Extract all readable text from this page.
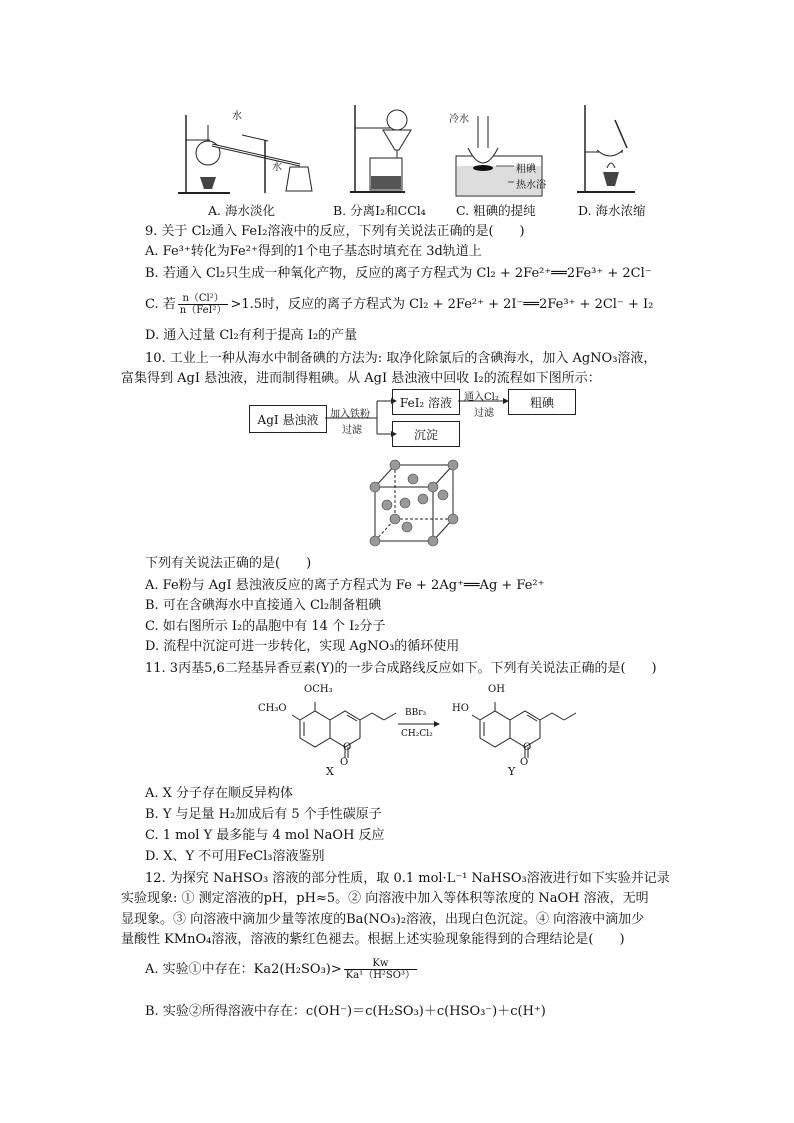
水
水
冷水
粗碘
热水浴
A. 海水淡化	B. 分离I₂和CCl₄ C. 粗碘的提纯	D. 海水浓缩
9. 关于 Cl₂通入 FeI₂溶液中的反应，下列有关说法正确的是(　　)
A. Fe³⁺转化为Fe²⁺得到的1个电子基态时填充在 3d轨道上
B. 若通入 Cl₂只生成一种氧化产物，反应的离子方程式为 Cl₂ + 2Fe²⁺══2Fe³⁺ + 2Cl⁻
C. 若 $\frac{\text{n（Cl²）}}{\text{n（FeI²）}} >1.5$时，反应的离子方程式为 Cl₂ + 2Fe²⁺ + 2I⁻══2Fe³⁺ + 2Cl⁻ + I₂
D. 通入过量 Cl₂有利于提高 I₂的产量
10. 工业上一种从海水中制备碘的方法为: 取净化除氯后的含碘海水，加入 AgNO₃溶液，
富集得到 AgI 悬浊液，进而制得粗碘。从 AgI 悬浊液中回收 I₂的流程如下图所示：
AgI 悬浊液
FeI₂ 溶液	粗碘
沉淀
加入铁粉
过滤
通入Cl₂
过滤
下列有关说法正确的是(　　)
A. Fe粉与 AgI 悬浊液反应的离子方程式为 Fe + 2Ag⁺══Ag + Fe²⁺
B. 可在含碘海水中直接通入 Cl₂制备粗碘
C. 如右图所示 I₂的晶胞中有 14 个 I₂分子
D. 流程中沉淀可进一步转化，实现 AgNO₃的循环使用
11. 3丙基5,6二羟基异香豆素(Y)的一步合成路线反应如下。下列有关说法正确的是(　　)
OCH₃
CH₃O
O
O
X
BBr₃
CH₂Cl₂
OH
HO
O
O
Y
A. X 分子存在顺反异构体
B. Y 与足量 H₂加成后有 5 个手性碳原子
C. 1 mol Y 最多能与 4 mol NaOH 反应
D. X、Y 不可用FeCl₃溶液鉴别
12. 为探究 NaHSO₃ 溶液的部分性质，取 0.1 mol·L⁻¹ NaHSO₃溶液进行如下实验并记录
实验现象: ① 测定溶液的pH，pH≈5。② 向溶液中加入等体积等浓度的 NaOH 溶液，无明
显现象。③ 向溶液中滴加少量等浓度的Ba(NO₃)₂溶液，出现白色沉淀。④ 向溶液中滴加少
量酸性 KMnO₄溶液，溶液的紫红色褪去。根据上述实验现象能得到的合理结论是(　　)
A. 实验①中存在：$Ka2(H_2SO_3)> \frac{Kw}{\text{Ka¹（H²SO³）}}$
B. 实验②所得溶液中存在：c(OH⁻)＝c(H₂SO₃)＋c(HSO₃⁻)＋c(H⁺)
